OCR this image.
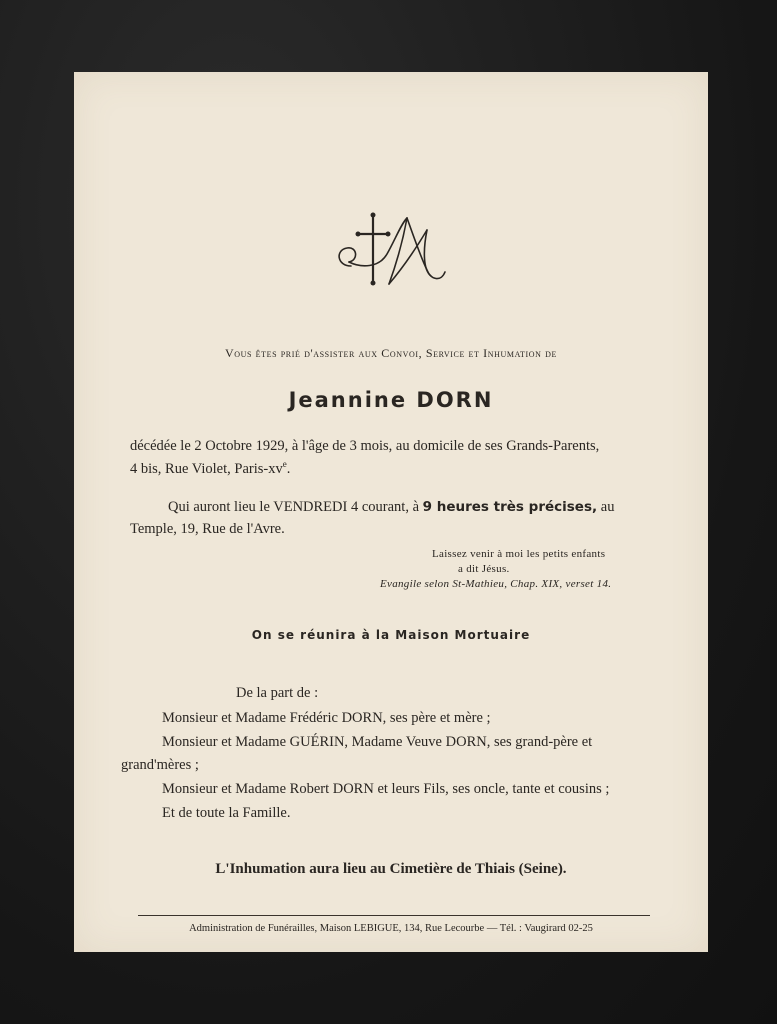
Vous êtes prié d'assister aux Convoi, Service et Inhumation de
Jeannine DORN
décédée le 2 Octobre 1929, à l'âge de 3 mois, au domicile de ses Grands-Parents,
4 bis, Rue Violet, Paris-$xv^e$.
Qui auront lieu le VENDREDI 4 courant, à 9 heures très précises, au
Temple, 19, Rue de l'Avre.
Laissez venir à moi les petits enfants
a dit Jésus.
Evangile selon St-Mathieu, Chap. XIX, verset 14.
On se réunira à la Maison Mortuaire
De la part de :
Monsieur et Madame Frédéric DORN, ses père et mère ;
Monsieur et Madame GUÉRIN, Madame Veuve DORN, ses grand-père et
grand'mères ;
Monsieur et Madame Robert DORN et leurs Fils, ses oncle, tante et cousins ;
Et de toute la Famille.
L'Inhumation aura lieu au Cimetière de Thiais (Seine).
Administration de Funérailles, Maison LEBIGUE, 134, Rue Lecourbe — Tél. : Vaugirard 02-25
